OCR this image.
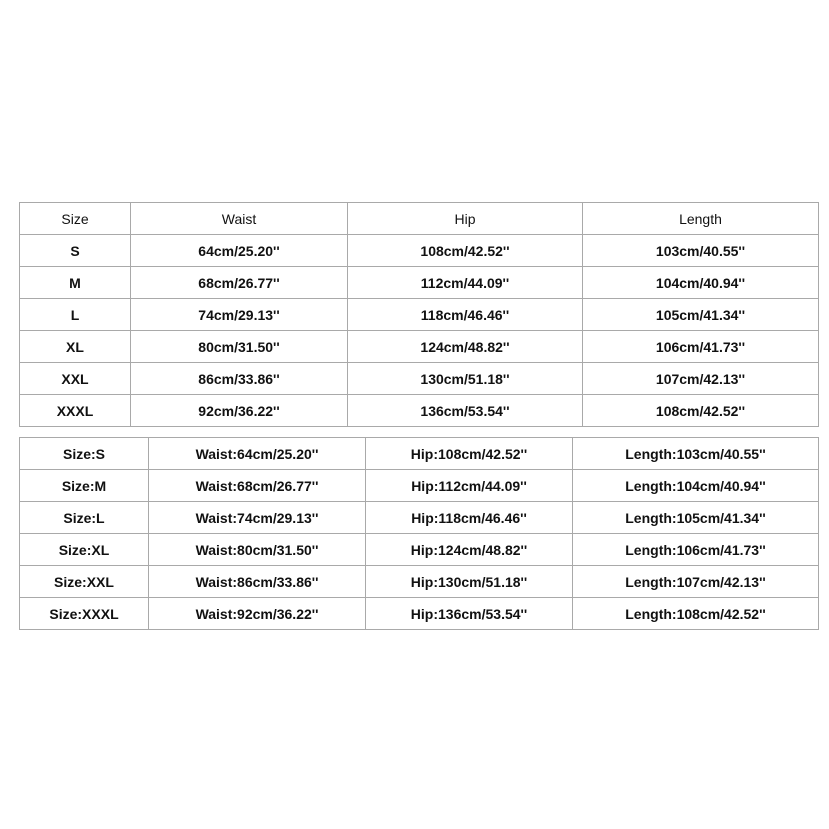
Size	Waist	Hip	Length
S	64cm/25.20''	108cm/42.52''	103cm/40.55''
M	68cm/26.77''	112cm/44.09''	104cm/40.94''
L	74cm/29.13''	118cm/46.46''	105cm/41.34''
XL	80cm/31.50''	124cm/48.82''	106cm/41.73''
XXL	86cm/33.86''	130cm/51.18''	107cm/42.13''
XXXL	92cm/36.22''	136cm/53.54''	108cm/42.52''
Size:S	Waist:64cm/25.20''	Hip:108cm/42.52''	Length:103cm/40.55''
Size:M	Waist:68cm/26.77''	Hip:112cm/44.09''	Length:104cm/40.94''
Size:L	Waist:74cm/29.13''	Hip:118cm/46.46''	Length:105cm/41.34''
Size:XL	Waist:80cm/31.50''	Hip:124cm/48.82''	Length:106cm/41.73''
Size:XXL	Waist:86cm/33.86''	Hip:130cm/51.18''	Length:107cm/42.13''
Size:XXXL	Waist:92cm/36.22''	Hip:136cm/53.54''	Length:108cm/42.52''
